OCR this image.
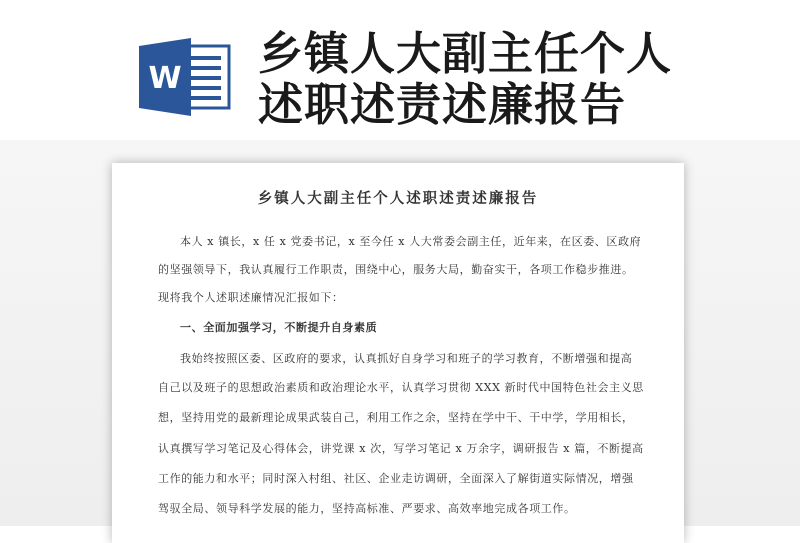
W 乡镇人大副主任个人
述职述责述廉报告
乡镇人大副主任个人述职述责述廉报告
本人 x 镇长，x 任 x 党委书记，x 至今任 x 人大常委会副主任，近年来，在区委、区政府
的坚强领导下，我认真履行工作职责，围绕中心，服务大局，勤奋实干，各项工作稳步推进。
现将我个人述职述廉情况汇报如下：
一、全面加强学习，不断提升自身素质
我始终按照区委、区政府的要求，认真抓好自身学习和班子的学习教育，不断增强和提高
自己以及班子的思想政治素质和政治理论水平，认真学习贯彻 XXX 新时代中国特色社会主义思
想，坚持用党的最新理论成果武装自己，利用工作之余，坚持在学中干、干中学，学用相长，
认真撰写学习笔记及心得体会，讲党课 x 次，写学习笔记 x 万余字，调研报告 x 篇，不断提高
工作的能力和水平；同时深入村组、社区、企业走访调研，全面深入了解街道实际情况，增强
驾驭全局、领导科学发展的能力，坚持高标准、严要求、高效率地完成各项工作。
